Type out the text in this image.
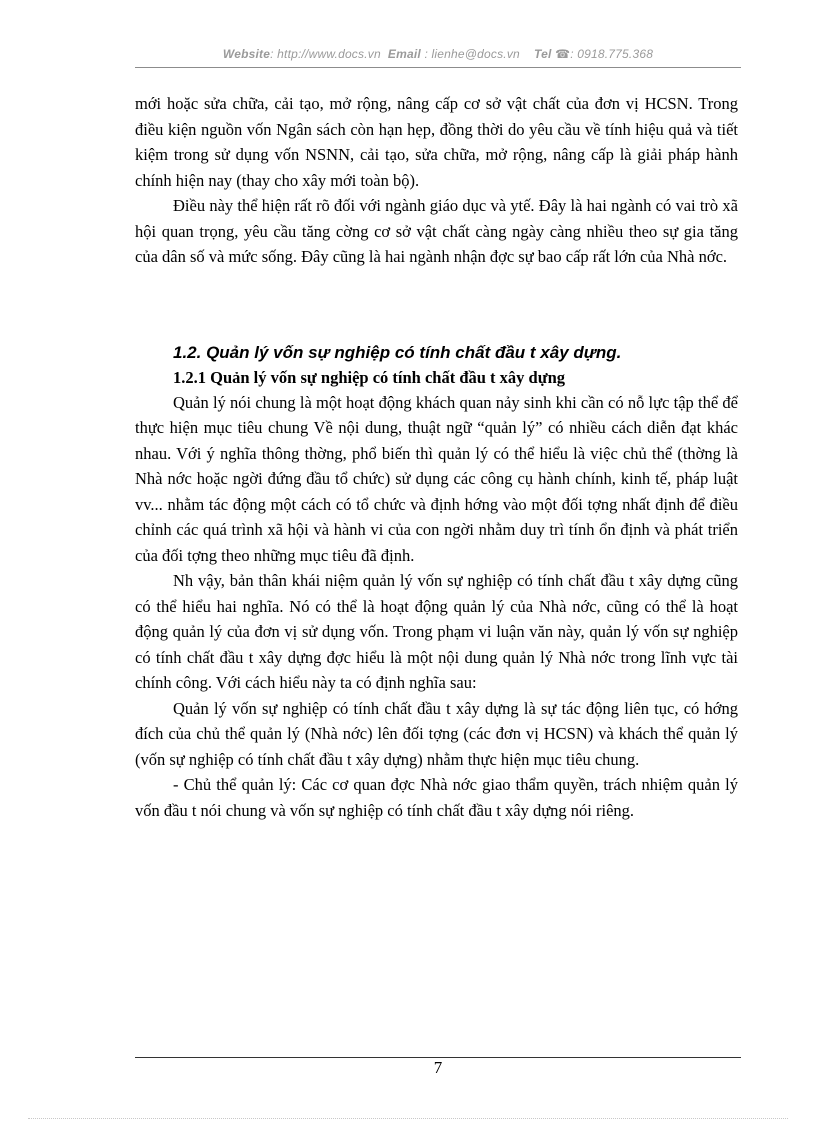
Website: http://www.docs.vn Email : lienhe@docs.vn Tel ☎: 0918.775.368

mới hoặc sửa chữa, cải tạo, mở rộng, nâng cấp cơ sở vật chất của đơn vị HCSN. Trong điều kiện nguồn vốn Ngân sách còn hạn hẹp, đồng thời do yêu cầu về tính hiệu quả và tiết kiệm trong sử dụng vốn NSNN, cải tạo, sửa chữa, mở rộng, nâng cấp là giải pháp hành chính hiện nay (thay cho xây mới toàn bộ).

Điều này thể hiện rất rõ đối với ngành giáo dục và ytế. Đây là hai ngành có vai trò xã hội quan trọng, yêu cầu tăng cờng cơ sở vật chất càng ngày càng nhiều theo sự gia tăng của dân số và mức sống. Đây cũng là hai ngành nhận đợc sự bao cấp rất lớn của Nhà nớc.

1.2. Quản lý vốn sự nghiệp có tính chất đầu t xây dựng.

1.2.1 Quản lý vốn sự nghiệp có tính chất đầu t xây dựng

Quản lý nói chung là một hoạt động khách quan nảy sinh khi cần có nỗ lực tập thể để thực hiện mục tiêu chung Về nội dung, thuật ngữ “quản lý” có nhiều cách diễn đạt khác nhau. Với ý nghĩa thông thờng, phổ biến thì quản lý có thể hiểu là việc chủ thể (thờng là Nhà nớc hoặc ngời đứng đầu tổ chức) sử dụng các công cụ hành chính, kinh tế, pháp luật vv... nhằm tác động một cách có tổ chức và định hớng vào một đối tợng nhất định để điều chỉnh các quá trình xã hội và hành vi của con ngời nhằm duy trì tính ổn định và phát triển của đối tợng theo những mục tiêu đã định.

Nh vậy, bản thân khái niệm quản lý vốn sự nghiệp có tính chất đầu t xây dựng cũng có thể hiểu hai nghĩa. Nó có thể là hoạt động quản lý của Nhà nớc, cũng có thể là hoạt động quản lý của đơn vị sử dụng vốn. Trong phạm vi luận văn này, quản lý vốn sự nghiệp có tính chất đầu t xây dựng đợc hiểu là một nội dung quản lý Nhà nớc trong lĩnh vực tài chính công. Với cách hiểu này ta có định nghĩa sau:

Quản lý vốn sự nghiệp có tính chất đầu t xây dựng là sự tác động liên tục, có hớng đích của chủ thể quản lý (Nhà nớc) lên đối tợng (các đơn vị HCSN) và khách thể quản lý (vốn sự nghiệp có tính chất đầu t xây dựng) nhằm thực hiện mục tiêu chung.

- Chủ thể quản lý: Các cơ quan đợc Nhà nớc giao thẩm quyền, trách nhiệm quản lý vốn đầu t nói chung và vốn sự nghiệp có tính chất đầu t xây dựng nói riêng.

7
